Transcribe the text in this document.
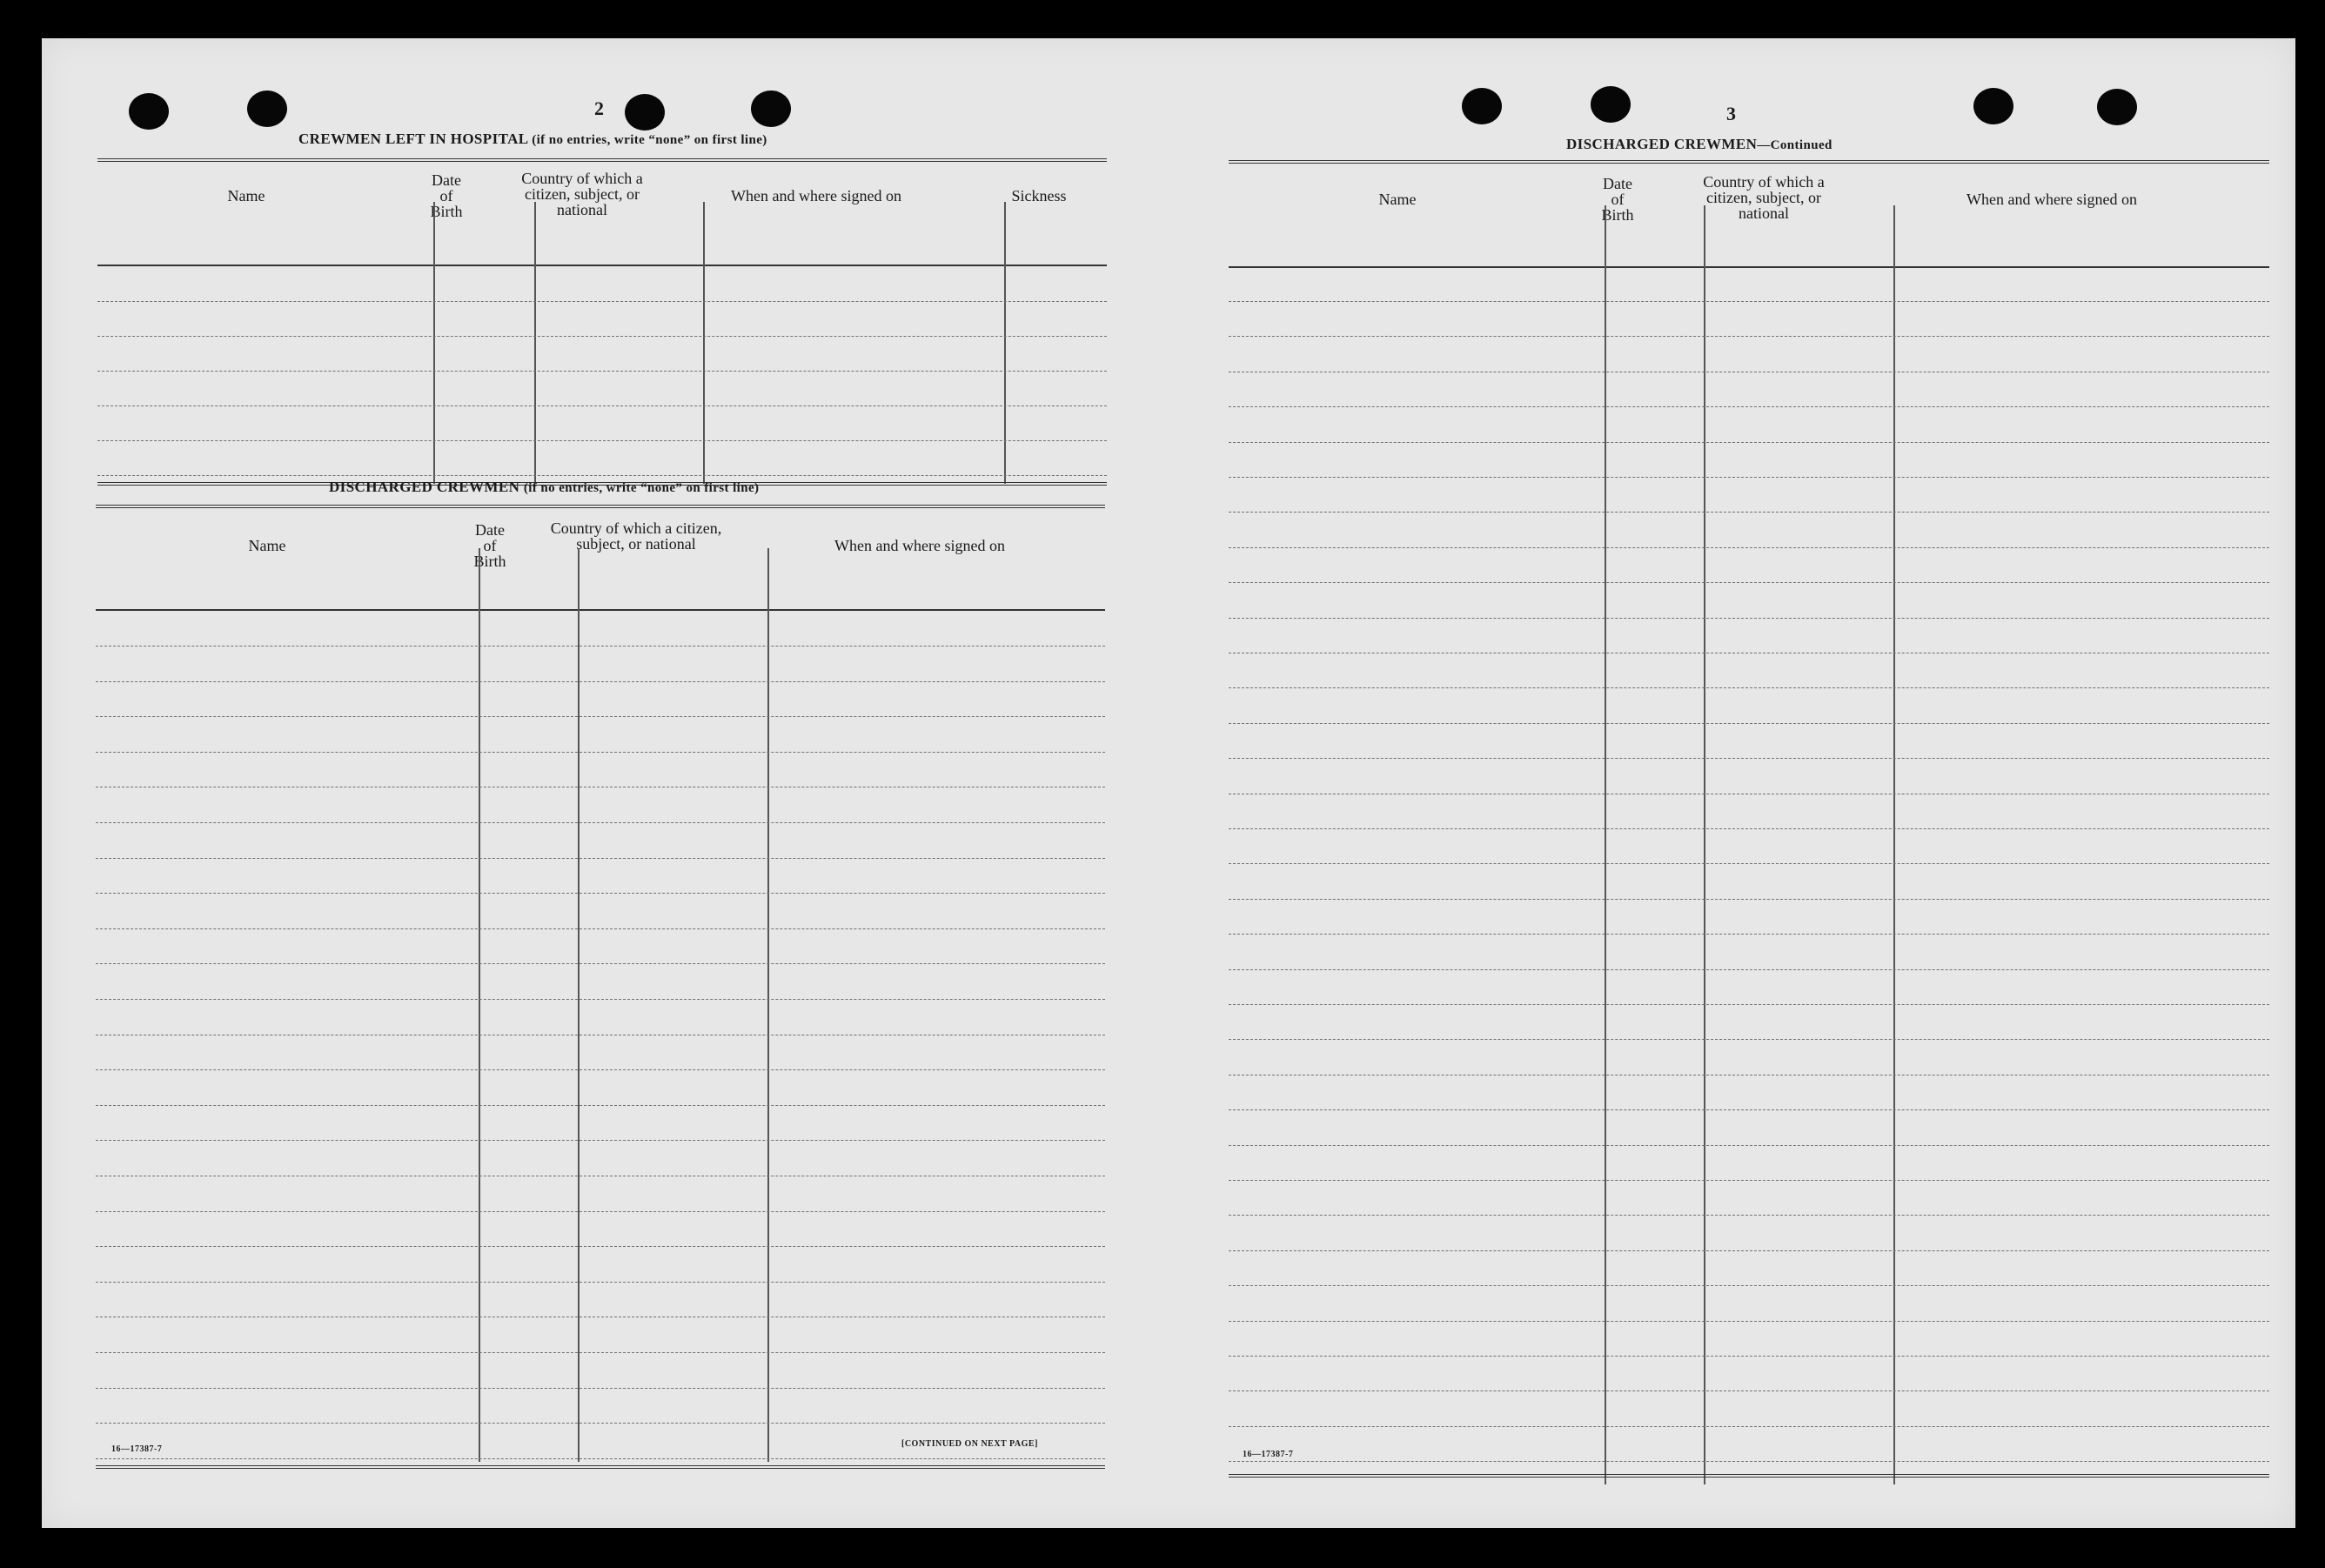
2
CREWMEN LEFT IN HOSPITAL (if no entries, write “none” on first line)
Name
Date of Birth
Country of which a citizen, subject, or national
When and where signed on	Sickness
DISCHARGED CREWMEN (if no entries, write “none” on first line)
Name
Date of Birth
Country of which a citizen, subject, or national	When and where signed on
16—17387-7
[CONTINUED ON NEXT PAGE]
3
DISCHARGED CREWMEN—Continued
Name
Date of Birth
Country of which a citizen, subject, or national
When and where signed on
16—17387-7
